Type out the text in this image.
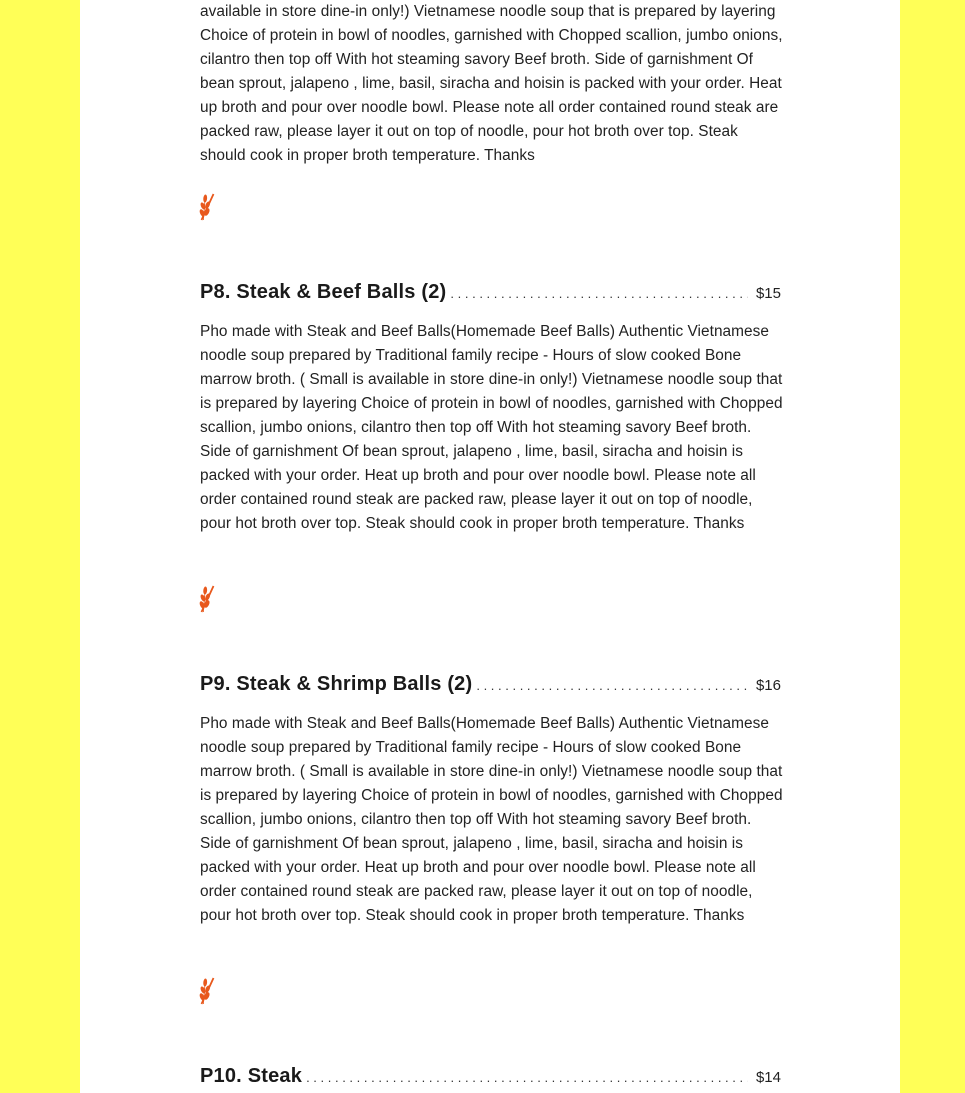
available in store dine-in only!) Vietnamese noodle soup that is prepared by layering Choice of protein in bowl of noodles, garnished with Chopped scallion, jumbo onions, cilantro then top off With hot steaming savory Beef broth. Side of garnishment Of bean sprout, jalapeno , lime, basil, siracha and hoisin is packed with your order. Heat up broth and pour over noodle bowl. Please note all order contained round steak are packed raw, please layer it out on top of noodle, pour hot broth over top. Steak should cook in proper broth temperature. Thanks

P8. Steak & Beef Balls (2) . . .	$15

Pho made with Steak and Beef Balls(Homemade Beef Balls) Authentic Vietnamese noodle soup prepared by Traditional family recipe - Hours of slow cooked Bone marrow broth. ( Small is available in store dine-in only!) Vietnamese noodle soup that is prepared by layering Choice of protein in bowl of noodles, garnished with Chopped scallion, jumbo onions, cilantro then top off With hot steaming savory Beef broth. Side of garnishment Of bean sprout, jalapeno , lime, basil, siracha and hoisin is packed with your order. Heat up broth and pour over noodle bowl. Please note all order contained round steak are packed raw, please layer it out on top of noodle, pour hot broth over top. Steak should cook in proper broth temperature. Thanks

P9. Steak & Shrimp Balls (2) . . .	$16

Pho made with Steak and Beef Balls(Homemade Beef Balls) Authentic Vietnamese noodle soup prepared by Traditional family recipe - Hours of slow cooked Bone marrow broth. ( Small is available in store dine-in only!) Vietnamese noodle soup that is prepared by layering Choice of protein in bowl of noodles, garnished with Chopped scallion, jumbo onions, cilantro then top off With hot steaming savory Beef broth. Side of garnishment Of bean sprout, jalapeno , lime, basil, siracha and hoisin is packed with your order. Heat up broth and pour over noodle bowl. Please note all order contained round steak are packed raw, please layer it out on top of noodle, pour hot broth over top. Steak should cook in proper broth temperature. Thanks

P10. Steak . . .	$14
